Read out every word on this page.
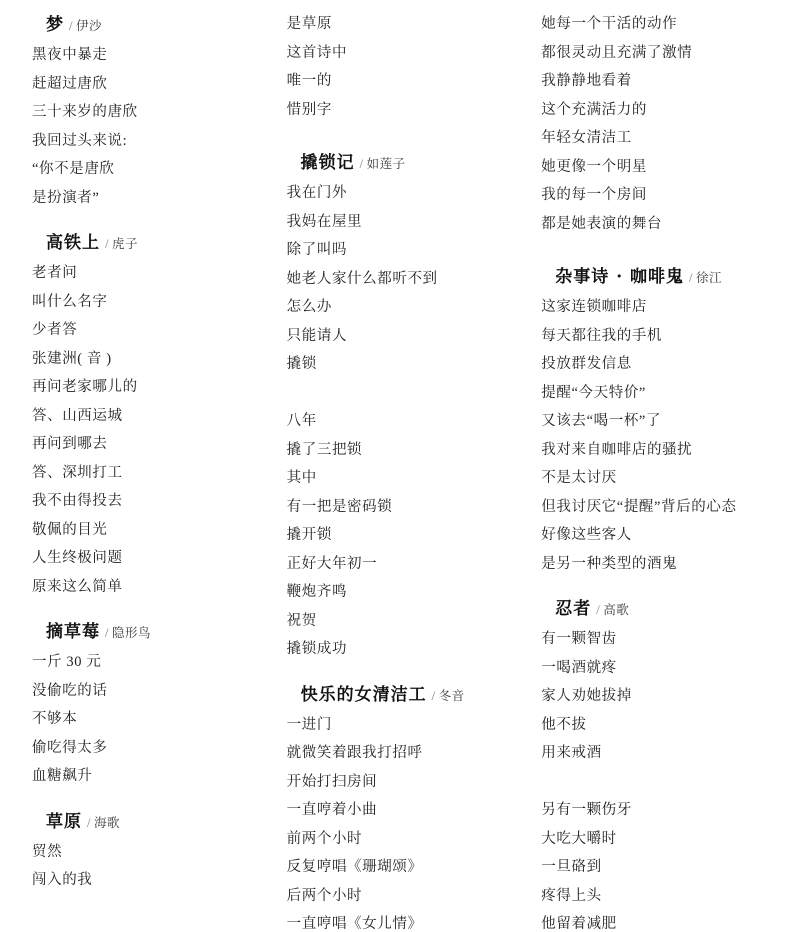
梦 / 伊沙
黑夜中暴走
赶超过唐欣
三十来岁的唐欣
我回过头来说:
“你不是唐欣
是扮演者”
高铁上 / 虎子
老者问
叫什么名字
少者答
张建洲( 音 )
再问老家哪儿的
答、山西运城
再问到哪去
答、深圳打工
我不由得投去
敬佩的目光
人生终极问题
原来这么简单
摘草莓 / 隐形鸟
一斤 30 元
没偷吃的话
不够本
偷吃得太多
血糖飙升
草原 / 海歌
贸然
闯入的我
是草原
这首诗中
唯一的
惜别字
撬锁记 / 如莲子
我在门外
我妈在屋里
除了叫吗
她老人家什么都听不到
怎么办
只能请人
撬锁
八年
撬了三把锁
其中
有一把是密码锁
撬开锁
正好大年初一
鞭炮齐鸣
祝贺
撬锁成功
快乐的女清洁工 / 冬音
一进门
就微笑着跟我打招呼
开始打扫房间
一直哼着小曲
前两个小时
反复哼唱《珊瑚颂》
后两个小时
一直哼唱《女儿情》
她每一个干活的动作
都很灵动且充满了激情
我静静地看着
这个充满活力的
年轻女清洁工
她更像一个明星
我的每一个房间
都是她表演的舞台
杂事诗 · 咖啡鬼 / 徐江
这家连锁咖啡店
每天都往我的手机
投放群发信息
提醒“今天特价”
又该去“喝一杯”了
我对来自咖啡店的骚扰
不是太讨厌
但我讨厌它“提醒”背后的心态
好像这些客人
是另一种类型的酒鬼
忍者 / 高歌
有一颗智齿
一喝酒就疼
家人劝她拔掉
他不拔
用来戒酒
另有一颗伤牙
大吃大嚼时
一旦硌到
疼得上头
他留着减肥
